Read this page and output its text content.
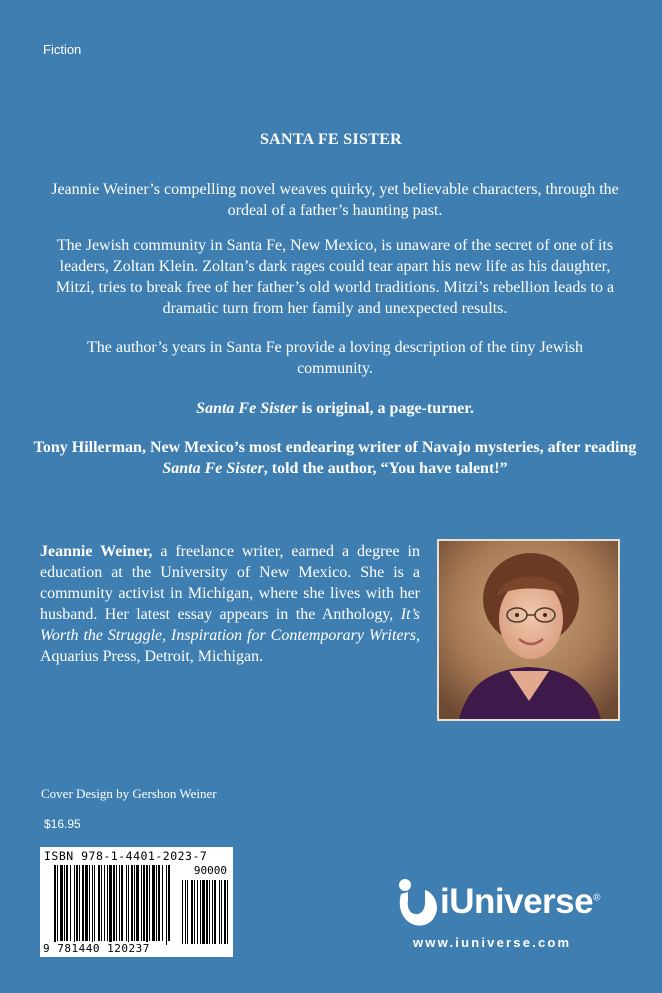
Fiction
SANTA FE SISTER
Jeannie Weiner’s compelling novel weaves quirky, yet believable characters, through the ordeal of a father’s haunting past.
The Jewish community in Santa Fe, New Mexico, is unaware of the secret of one of its leaders, Zoltan Klein. Zoltan’s dark rages could tear apart his new life as his daughter, Mitzi, tries to break free of her father’s old world traditions. Mitzi’s rebellion leads to a dramatic turn from her family and unexpected results.
The author’s years in Santa Fe provide a loving description of the tiny Jewish community.
Santa Fe Sister is original, a page-turner.
Tony Hillerman, New Mexico’s most endearing writer of Navajo mysteries, after reading Santa Fe Sister, told the author, “You have talent!”
Jeannie Weiner, a freelance writer, earned a degree in education at the University of New Mexico. She is a community activist in Michigan, where she lives with her husband. Her latest essay appears in the Anthology, It’s Worth the Struggle, Inspiration for Contemporary Writers, Aquarius Press, Detroit, Michigan.
Cover Design by Gershon Weiner
$16.95
ISBN 978-1-4401-2023-7
90000
9 781440 120237
iUniverse®
www.iuniverse.com
